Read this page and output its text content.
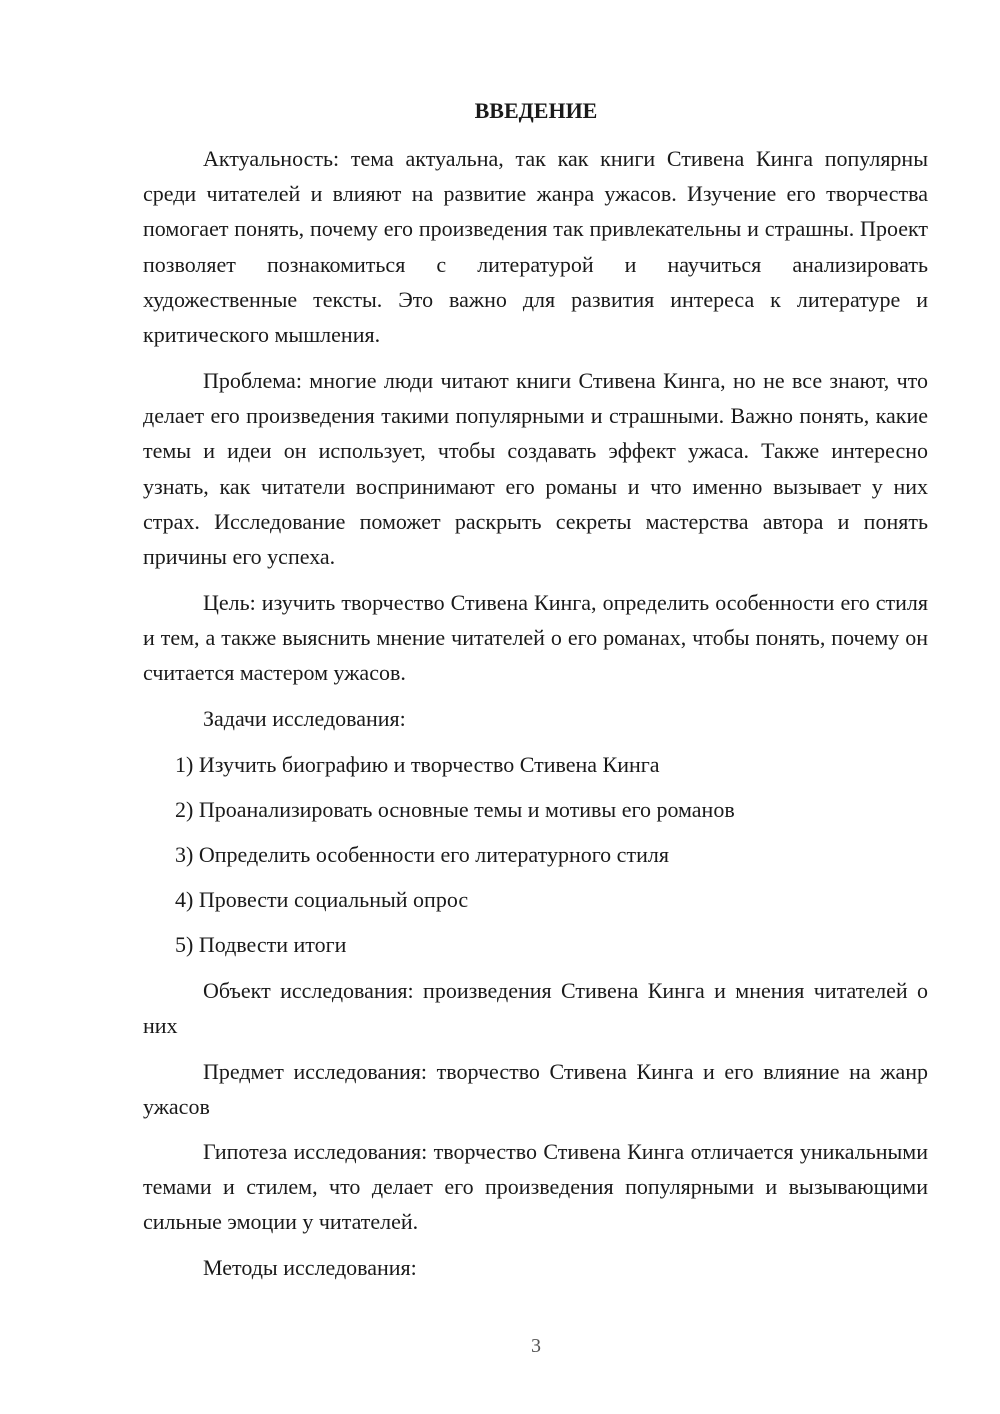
ВВЕДЕНИЕ

Актуальность: тема актуальна, так как книги Стивена Кинга популярны среди читателей и влияют на развитие жанра ужасов. Изучение его творчества помогает понять, почему его произведения так привлекательны и страшны. Проект позволяет познакомиться с литературой и научиться анализировать художественные тексты. Это важно для развития интереса к литературе и критического мышления.

Проблема: многие люди читают книги Стивена Кинга, но не все знают, что делает его произведения такими популярными и страшными. Важно понять, какие темы и идеи он использует, чтобы создавать эффект ужаса. Также интересно узнать, как читатели воспринимают его романы и что именно вызывает у них страх. Исследование поможет раскрыть секреты мастерства автора и понять причины его успеха.

Цель: изучить творчество Стивена Кинга, определить особенности его стиля и тем, а также выяснить мнение читателей о его романах, чтобы понять, почему он считается мастером ужасов.

Задачи исследования:

1) Изучить биографию и творчество Стивена Кинга
2) Проанализировать основные темы и мотивы его романов
3) Определить особенности его литературного стиля
4) Провести социальный опрос
5) Подвести итоги

Объект исследования: произведения Стивена Кинга и мнения читателей о них

Предмет исследования: творчество Стивена Кинга и его влияние на жанр ужасов

Гипотеза исследования: творчество Стивена Кинга отличается уникальными темами и стилем, что делает его произведения популярными и вызывающими сильные эмоции у читателей.

Методы исследования:

3
